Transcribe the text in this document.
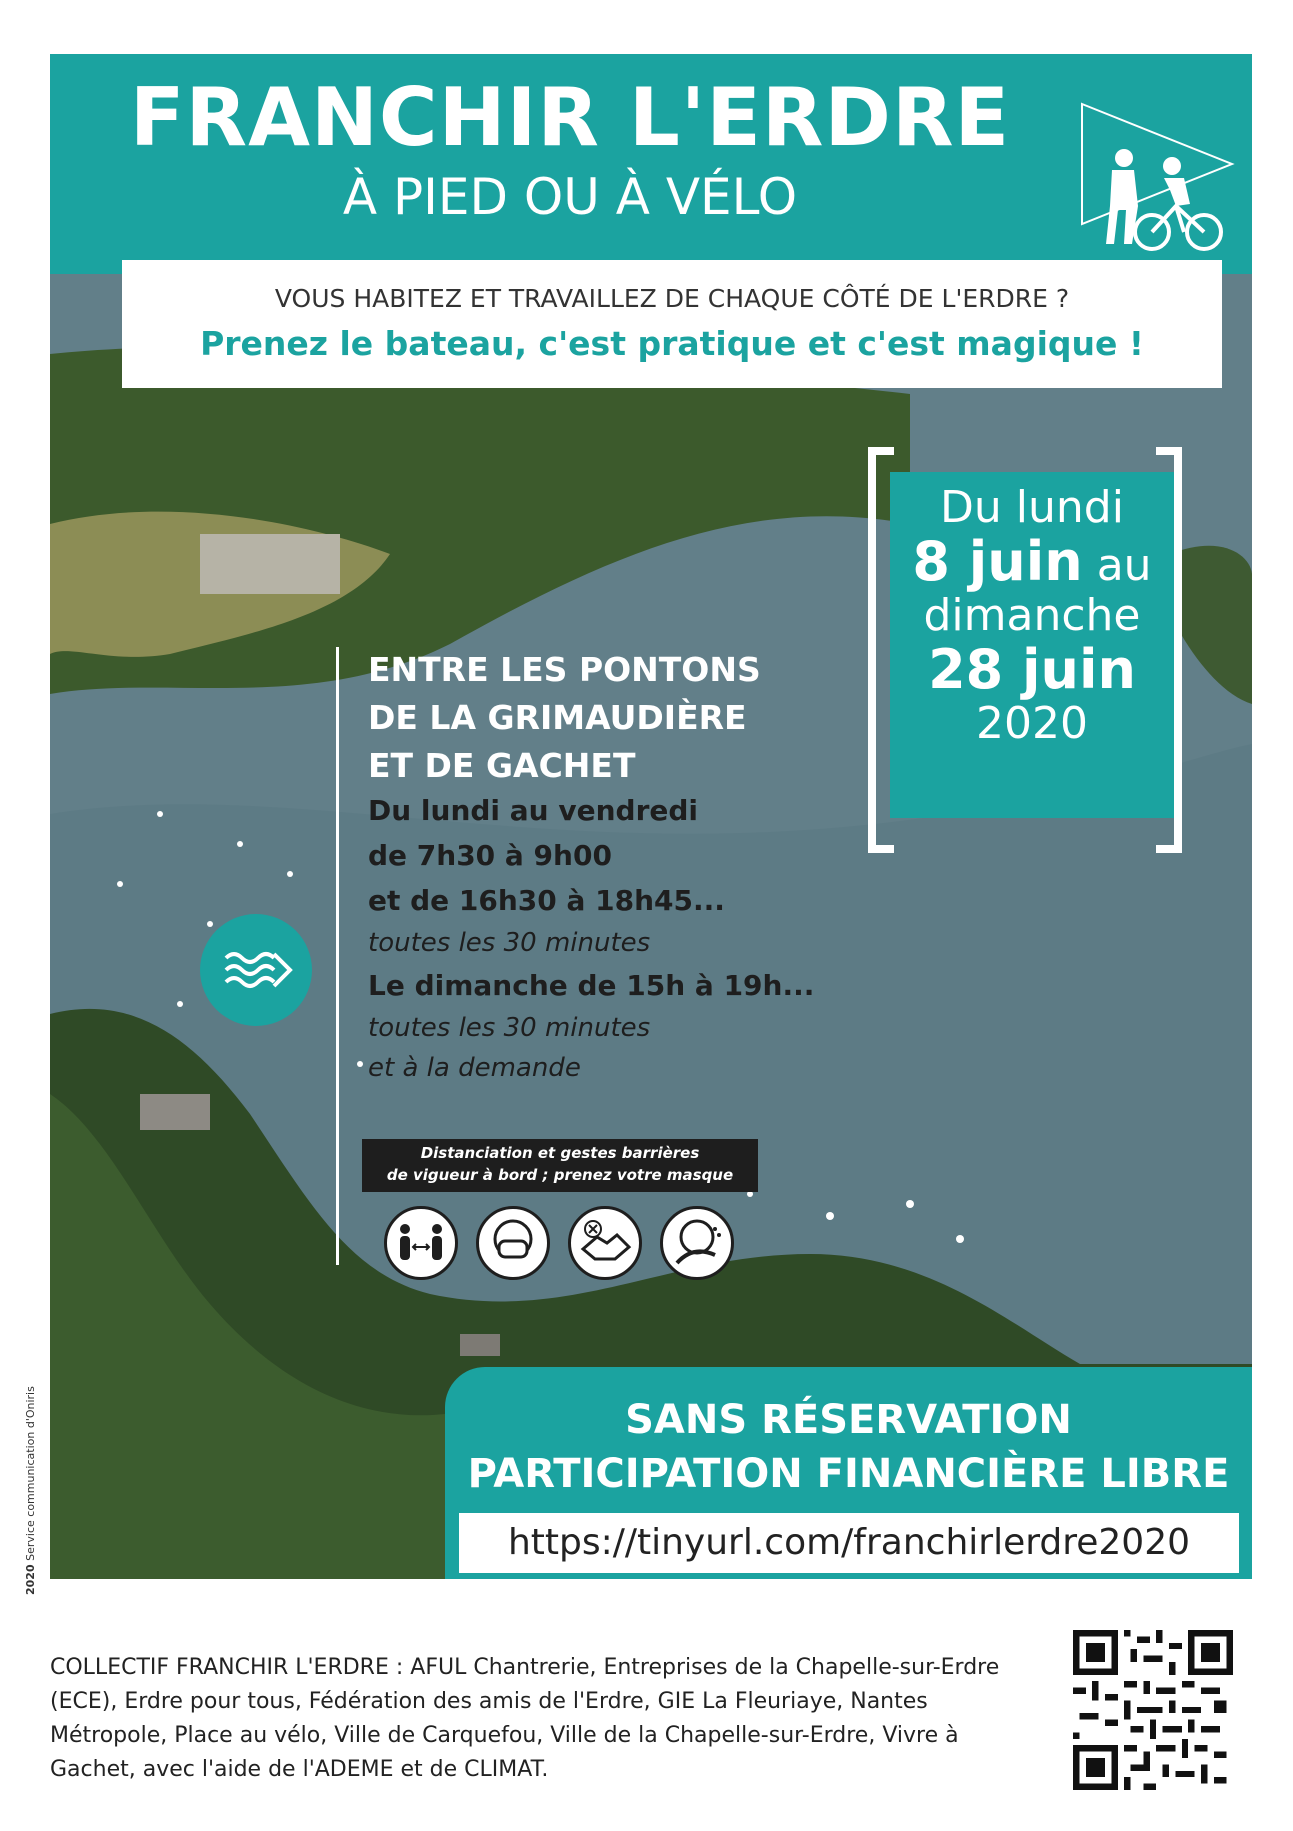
FRANCHIR L'ERDRE
À PIED OU À VÉLO
VOUS HABITEZ ET TRAVAILLEZ DE CHAQUE CÔTÉ DE L'ERDRE ?
Prenez le bateau, c'est pratique et c'est magique !
Du lundi
8 juin au
dimanche
28 juin
2020
ENTRE LES PONTONS
DE LA GRIMAUDIÈRE
ET DE GACHET
Du lundi au vendredi
de 7h30 à 9h00
et de 16h30 à 18h45...
toutes les 30 minutes
Le dimanche de 15h à 19h...
toutes les 30 minutes
et à la demande
Distanciation et gestes barrières
de vigueur à bord ; prenez votre masque
SANS RÉSERVATION
PARTICIPATION FINANCIÈRE LIBRE
https://tinyurl.com/franchirlerdre2020
2020 Service communication d'Oniris
COLLECTIF FRANCHIR L'ERDRE : AFUL Chantrerie, Entreprises de la Chapelle-sur-Erdre (ECE), Erdre pour tous, Fédération des amis de l'Erdre, GIE La Fleuriaye, Nantes Métropole, Place au vélo, Ville de Carquefou, Ville de la Chapelle-sur-Erdre, Vivre à Gachet, avec l'aide de l'ADEME et de CLIMAT.
